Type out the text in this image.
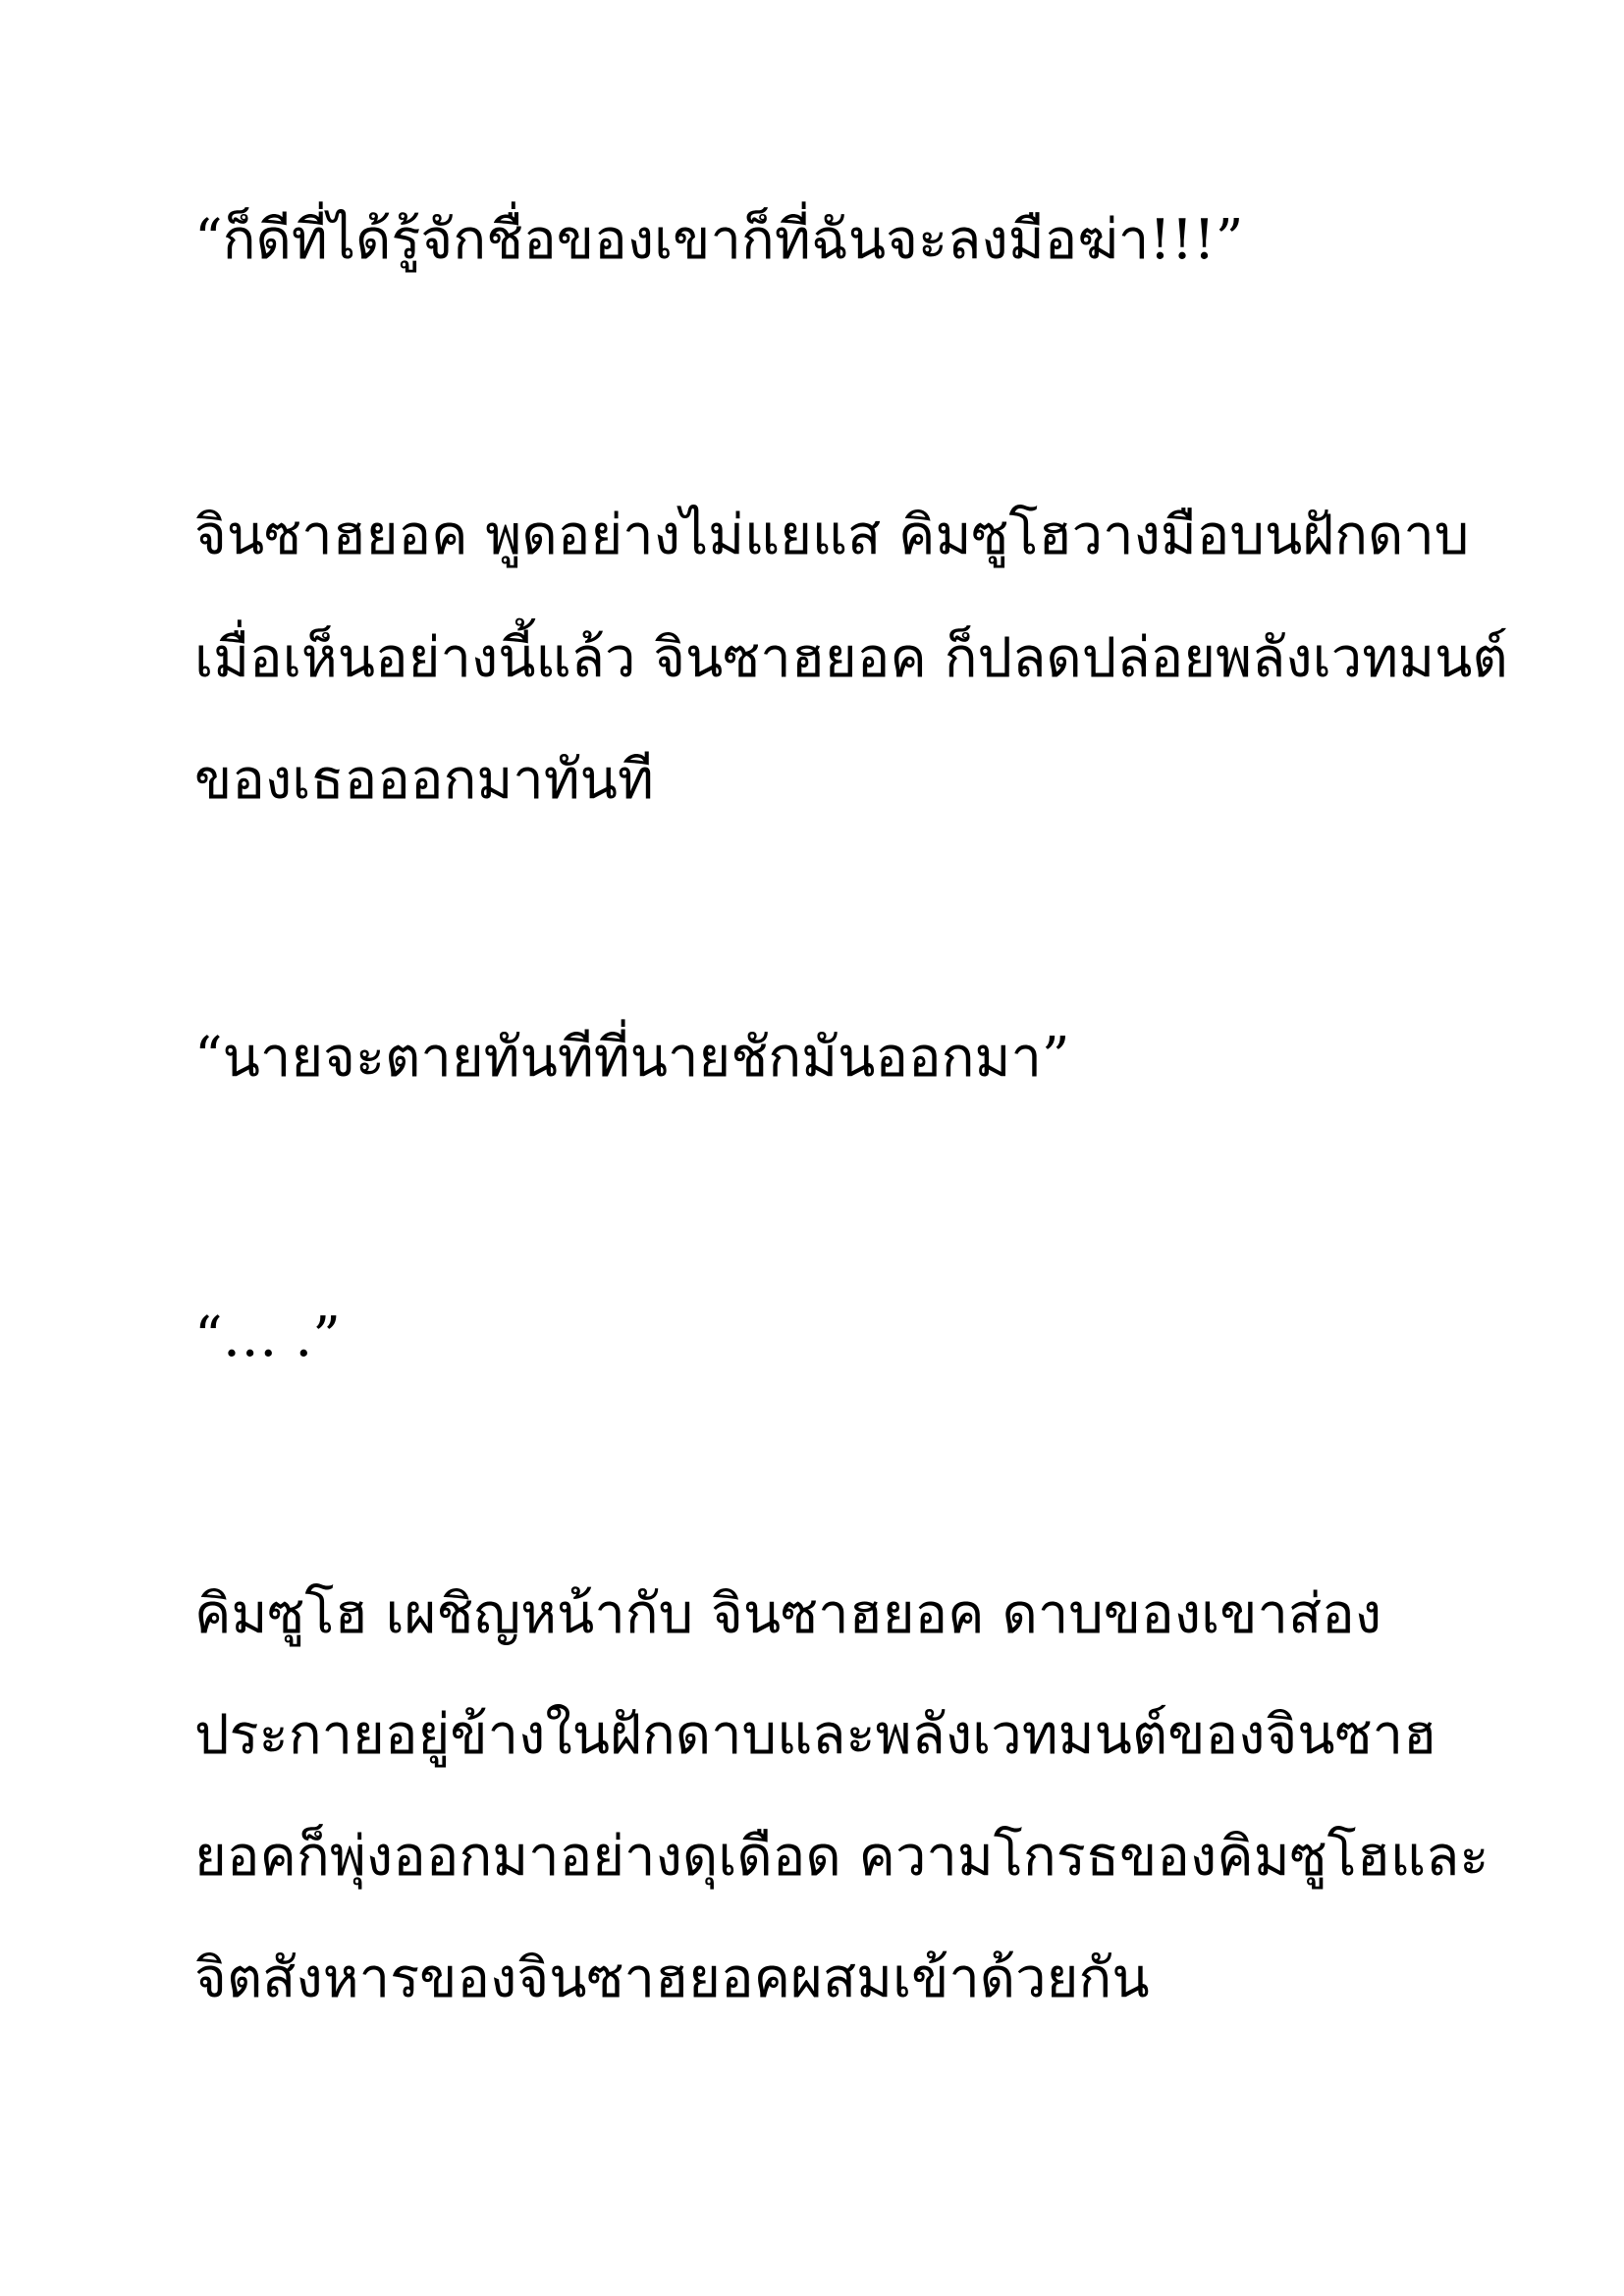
“ก็ดีที่ได้รู้จักชื่อของเขาก็ที่ฉันจะลงมือฆ่า!!!”
จินซาฮยอค พูดอย่างไม่แยแส คิมซูโฮวางมือบนฝักดาบ
เมื่อเห็นอย่างนี้แล้ว จินซาฮยอค ก็ปลดปล่อยพลังเวทมนต์
ของเธอออกมาทันที
“นายจะตายทันทีที่นายชักมันออกมา”
“… .”
คิมซูโฮ เผชิญหน้ากับ จินซาฮยอค ดาบของเขาส่อง
ประกายอยู่ข้างในฝักดาบและพลังเวทมนต์ของจินซาฮ
ยอคก็พุ่งออกมาอย่างดุเดือด ความโกรธของคิมซูโฮและ
จิตสังหารของจินซาฮยอคผสมเข้าด้วยกัน
